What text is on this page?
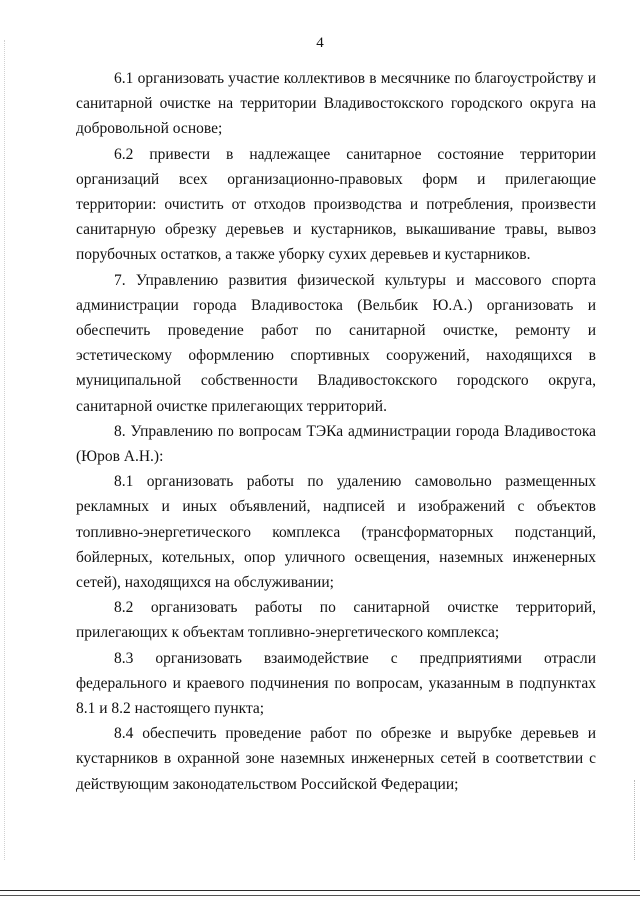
4

6.1 организовать участие коллективов в месячнике по благоустройству и санитарной очистке на территории Владивостокского городского округа на добровольной основе;

6.2 привести в надлежащее санитарное состояние территории организаций всех организационно-правовых форм и прилегающие территории: очистить от отходов производства и потребления, произвести санитарную обрезку деревьев и кустарников, выкашивание травы, вывоз порубочных остатков, а также уборку сухих деревьев и кустарников.

7. Управлению развития физической культуры и массового спорта администрации города Владивостока (Вельбик Ю.А.) организовать и обеспечить проведение работ по санитарной очистке, ремонту и эстетическому оформлению спортивных сооружений, находящихся в муниципальной собственности Владивостокского городского округа, санитарной очистке прилегающих территорий.

8. Управлению по вопросам ТЭКа администрации города Владивостока (Юров А.Н.):

8.1 организовать работы по удалению самовольно размещенных рекламных и иных объявлений, надписей и изображений с объектов топливно-энергетического комплекса (трансформаторных подстанций, бойлерных, котельных, опор уличного освещения, наземных инженерных сетей), находящихся на обслуживании;

8.2 организовать работы по санитарной очистке территорий, прилегающих к объектам топливно-энергетического комплекса;

8.3 организовать взаимодействие с предприятиями отрасли федерального и краевого подчинения по вопросам, указанным в подпунктах 8.1 и 8.2 настоящего пункта;

8.4 обеспечить проведение работ по обрезке и вырубке деревьев и кустарников в охранной зоне наземных инженерных сетей в соответствии с действующим законодательством Российской Федерации;
